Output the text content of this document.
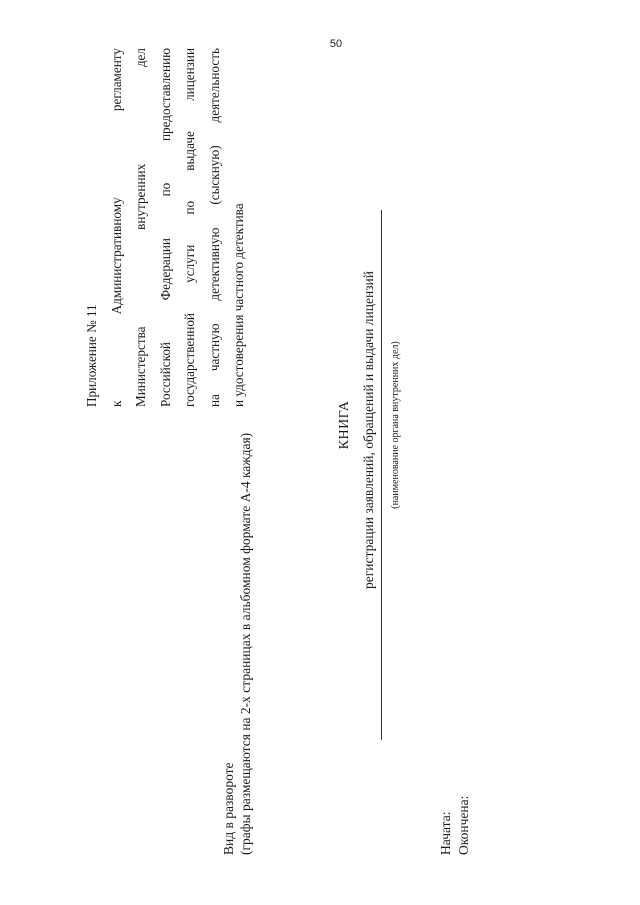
50
Приложение № 11 к Административному регламенту Министерства внутренних дел Российской Федерации по предоставлению государственной услуги по выдаче лицензии на частную детективную (сыскную) деятельность и удостоверения частного детектива
КНИГА регистрации заявлений, обращений и выдачи лицензий (наименование органа внутренних дел)
Вид в развороте (графы размещаются на 2-х страницах в альбомном формате А-4 каждая)	Начата: Окончена:
